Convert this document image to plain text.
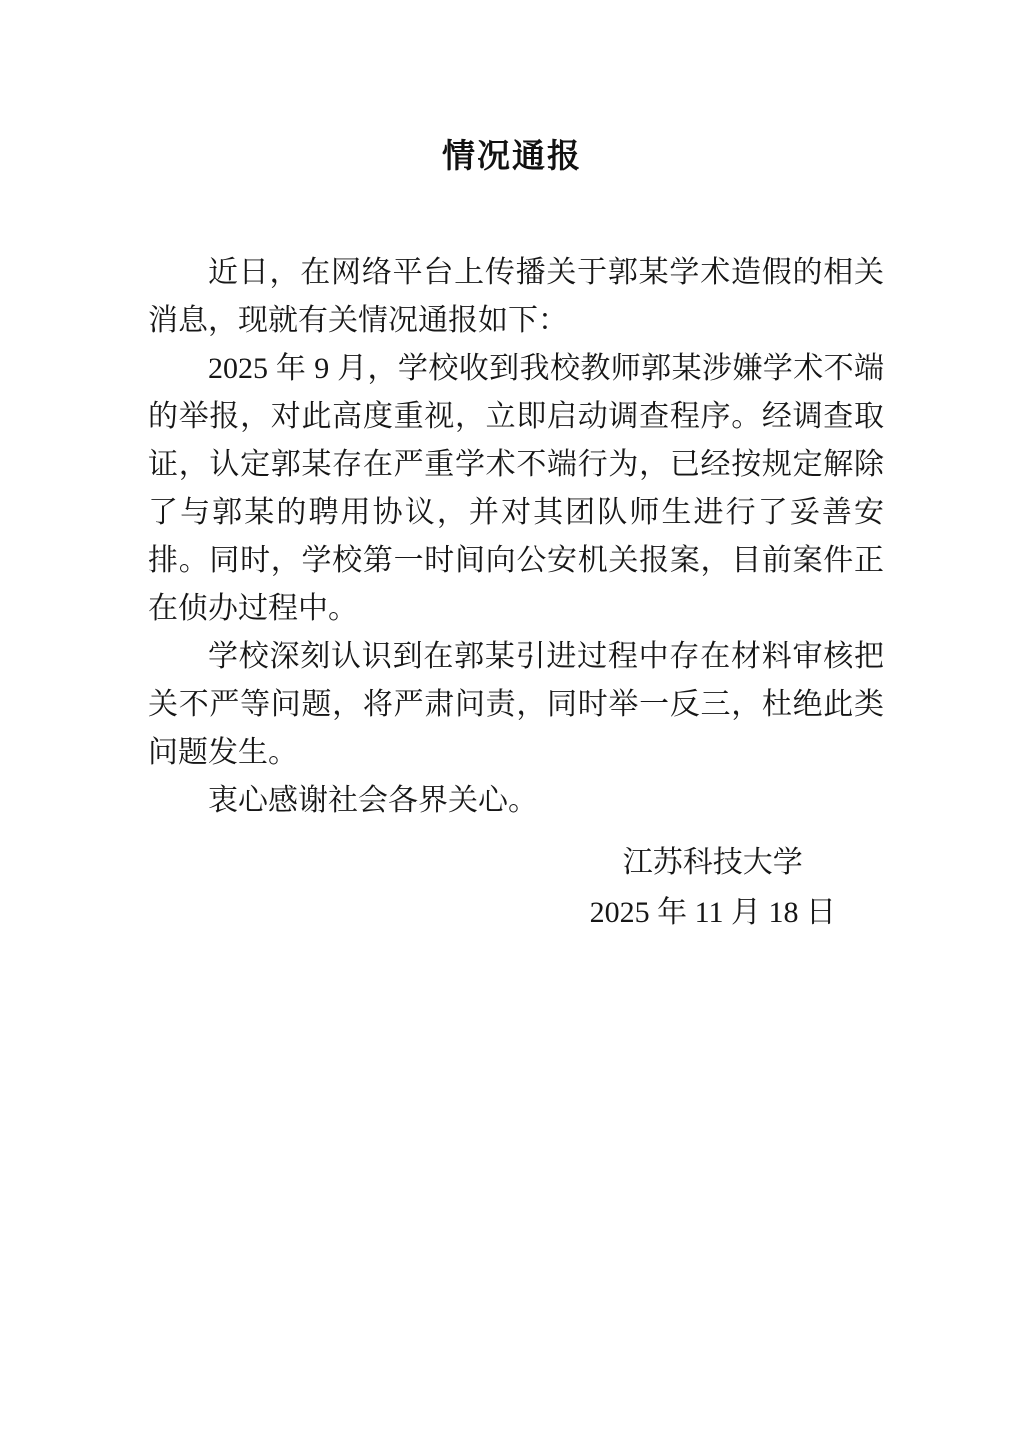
情况通报

近日，在网络平台上传播关于郭某学术造假的相关消息，现就有关情况通报如下：

2025 年 9 月，学校收到我校教师郭某涉嫌学术不端的举报，对此高度重视，立即启动调查程序。经调查取证，认定郭某存在严重学术不端行为，已经按规定解除了与郭某的聘用协议，并对其团队师生进行了妥善安排。同时，学校第一时间向公安机关报案，目前案件正在侦办过程中。

学校深刻认识到在郭某引进过程中存在材料审核把关不严等问题，将严肃问责，同时举一反三，杜绝此类问题发生。

衷心感谢社会各界关心。

江苏科技大学
2025 年 11 月 18 日
